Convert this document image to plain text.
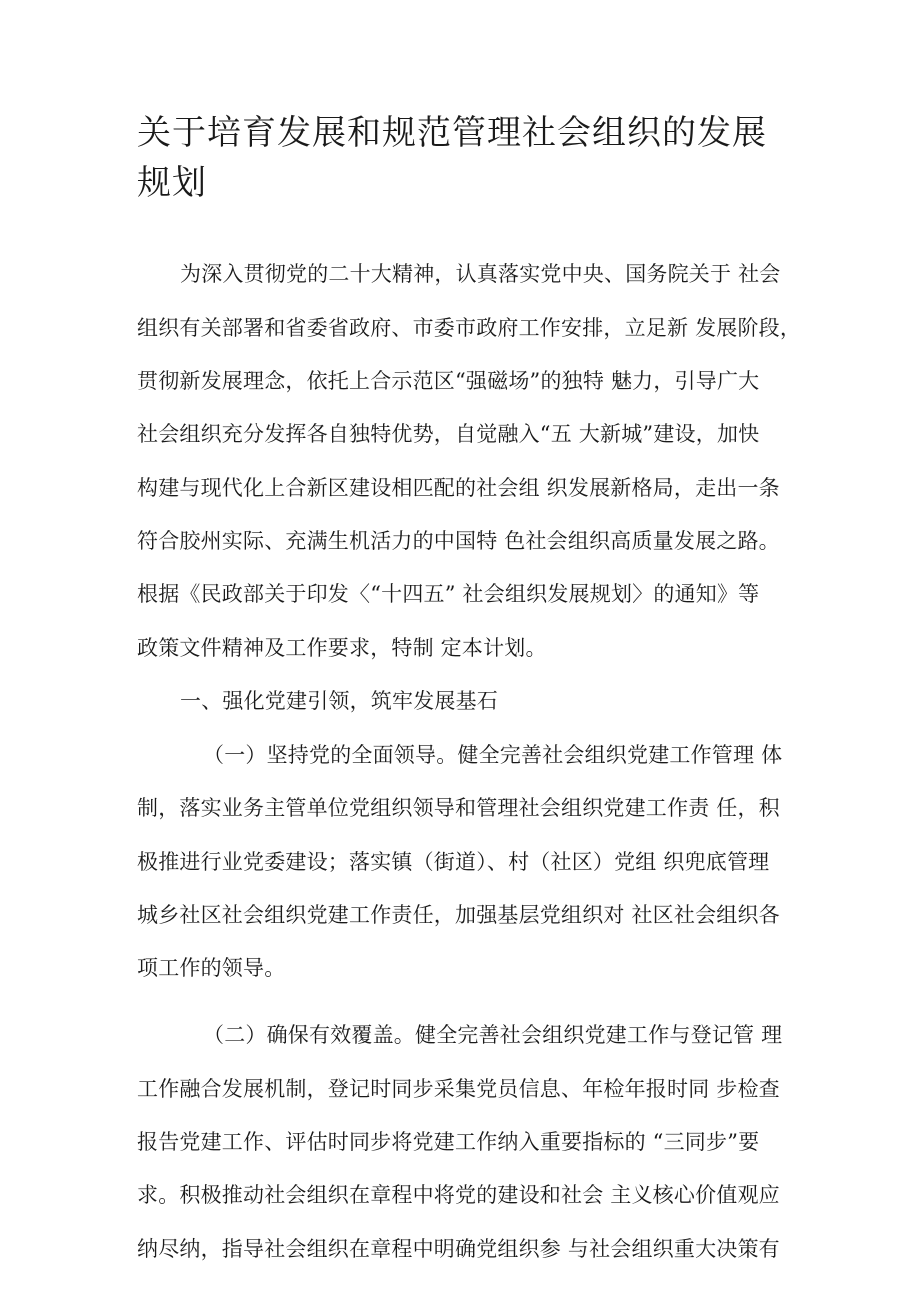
关于培育发展和规范管理社会组织的发展
规划
为深入贯彻党的二十大精神，认真落实党中央、国务院关于 社会
组织有关部署和省委省政府、市委市政府工作安排，立足新 发展阶段，
贯彻新发展理念，依托上合示范区“强磁场”的独特 魅力，引导广大
社会组织充分发挥各自独特优势，自觉融入“五 大新城”建设，加快
构建与现代化上合新区建设相匹配的社会组 织发展新格局，走出一条
符合胶州实际、充满生机活力的中国特 色社会组织高质量发展之路。
根据《民政部关于印发〈“十四五” 社会组织发展规划〉的通知》等
政策文件精神及工作要求，特制 定本计划。
一、强化党建引领，筑牢发展基石
（一）坚持党的全面领导。健全完善社会组织党建工作管理 体
制，落实业务主管单位党组织领导和管理社会组织党建工作责 任，积
极推进行业党委建设；落实镇（街道）、村（社区）党组 织兜底管理
城乡社区社会组织党建工作责任，加强基层党组织对 社区社会组织各
项工作的领导。
（二）确保有效覆盖。健全完善社会组织党建工作与登记管 理
工作融合发展机制，登记时同步采集党员信息、年检年报时同 步检查
报告党建工作、评估时同步将党建工作纳入重要指标的 “三同步”要
求。积极推动社会组织在章程中将党的建设和社会 主义核心价值观应
纳尽纳，指导社会组织在章程中明确党组织参 与社会组织重大决策有
